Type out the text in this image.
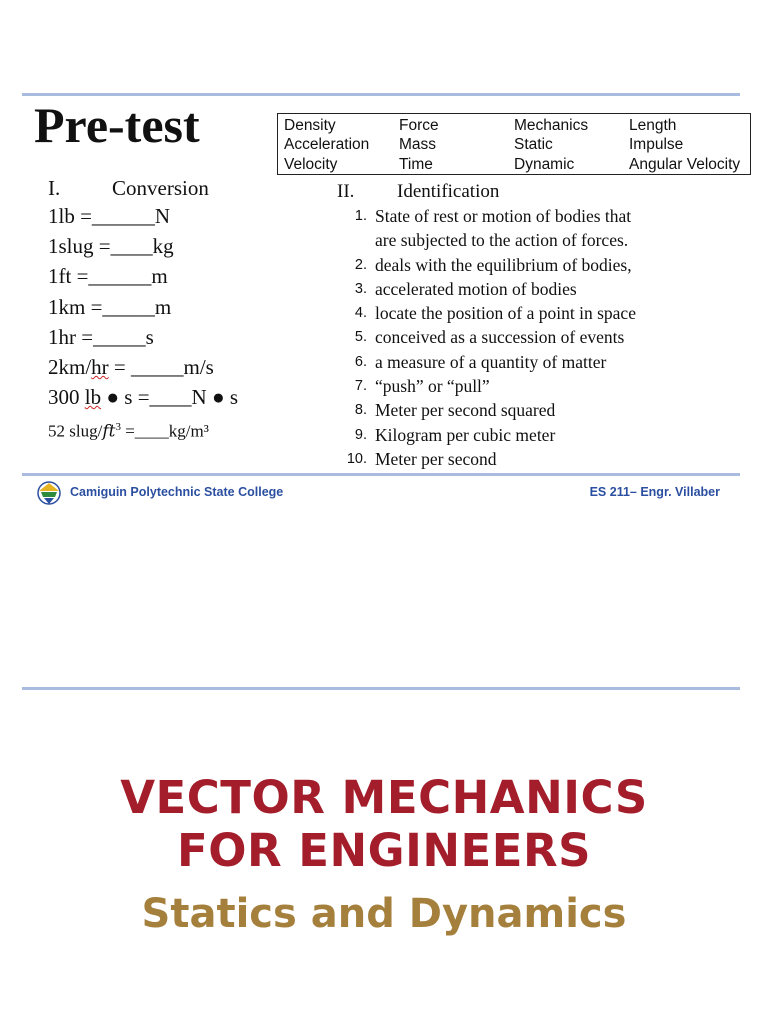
Pre-test	Density	Force	Mechanics	Length
Acceleration	Mass	Static	Impulse
Velocity	Time	Dynamic	Angular Velocity
I.	Conversion
1lb =______N
1slug =____kg
1ft =______m
1km =_____m
1hr =_____s
2km/hr = _____m/s
300 lb ● s =____N ● s
52 slug/$ft^3$ =____kg/m³
II.	Identification
1. State of rest or motion of bodies that
are subjected to the action of forces.
2. deals with the equilibrium of bodies,
3. accelerated motion of bodies
4. locate the position of a point in space
5. conceived as a succession of events
6. a measure of a quantity of matter
7. “push” or “pull”
8. Meter per second squared
9. Kilogram per cubic meter
10. Meter per second
Camiguin Polytechnic State College	ES 211– Engr. Villaber
VECTOR MECHANICS
FOR ENGINEERS
Statics and Dynamics
